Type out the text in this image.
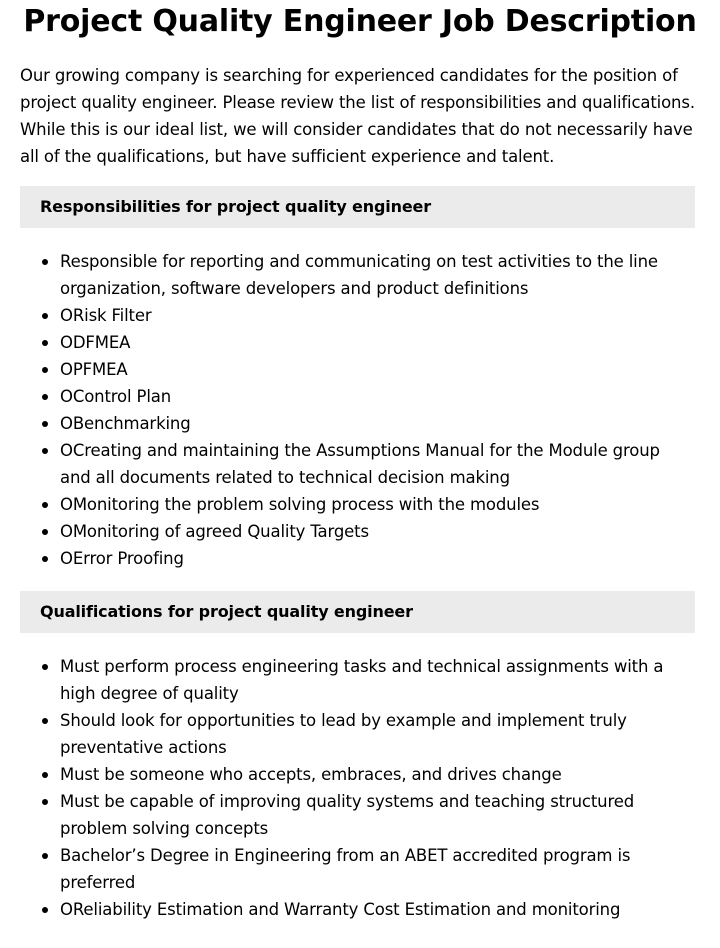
Project Quality Engineer Job Description

Our growing company is searching for experienced candidates for the position of project quality engineer. Please review the list of responsibilities and qualifications. While this is our ideal list, we will consider candidates that do not necessarily have all of the qualifications, but have sufficient experience and talent.

Responsibilities for project quality engineer
Responsible for reporting and communicating on test activities to the line organization, software developers and product definitions
ORisk Filter
ODFMEA
OPFMEA
OControl Plan
OBenchmarking
OCreating and maintaining the Assumptions Manual for the Module group and all documents related to technical decision making
OMonitoring the problem solving process with the modules
OMonitoring of agreed Quality Targets
OError Proofing
Qualifications for project quality engineer
Must perform process engineering tasks and technical assignments with a high degree of quality
Should look for opportunities to lead by example and implement truly preventative actions
Must be someone who accepts, embraces, and drives change
Must be capable of improving quality systems and teaching structured problem solving concepts
Bachelor’s Degree in Engineering from an ABET accredited program is preferred
OReliability Estimation and Warranty Cost Estimation and monitoring
